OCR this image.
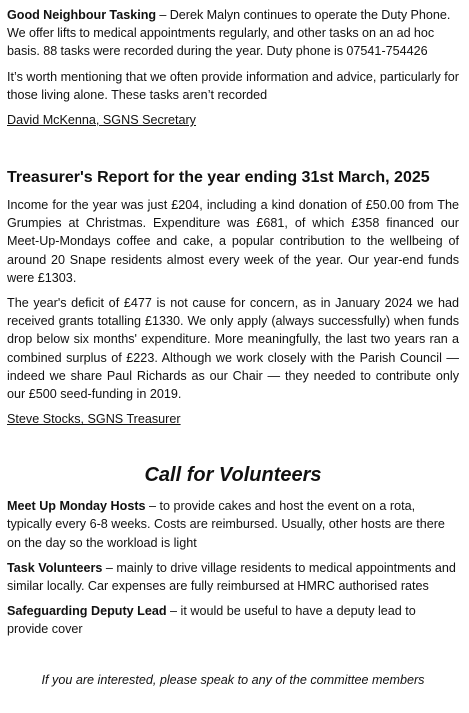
Good Neighbour Tasking – Derek Malyn continues to operate the Duty Phone. We offer lifts to medical appointments regularly, and other tasks on an ad hoc basis. 88 tasks were recorded during the year. Duty phone is 07541-754426

It’s worth mentioning that we often provide information and advice, particularly for those living alone. These tasks aren’t recorded

David McKenna, SGNS Secretary
Treasurer's Report for the year ending 31st March, 2025

Income for the year was just £204, including a kind donation of £50.00 from The Grumpies at Christmas. Expenditure was £681, of which £358 financed our Meet-Up-Mondays coffee and cake, a popular contribution to the wellbeing of around 20 Snape residents almost every week of the year. Our year-end funds were £1303.

The year's deficit of £477 is not cause for concern, as in January 2024 we had received grants totalling £1330. We only apply (always successfully) when funds drop below six months' expenditure. More meaningfully, the last two years ran a combined surplus of £223. Although we work closely with the Parish Council — indeed we share Paul Richards as our Chair — they needed to contribute only our £500 seed-funding in 2019.

Steve Stocks, SGNS Treasurer
Call for Volunteers

Meet Up Monday Hosts – to provide cakes and host the event on a rota, typically every 6-8 weeks. Costs are reimbursed. Usually, other hosts are there on the day so the workload is light

Task Volunteers – mainly to drive village residents to medical appointments and similar locally. Car expenses are fully reimbursed at HMRC authorised rates

Safeguarding Deputy Lead – it would be useful to have a deputy lead to provide cover

If you are interested, please speak to any of the committee members
